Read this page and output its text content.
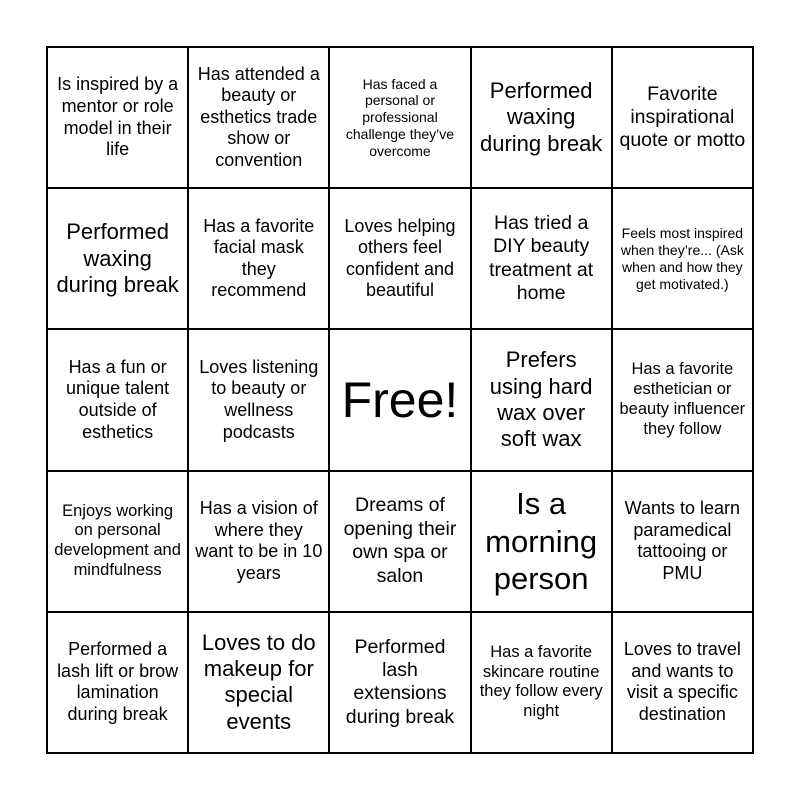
Is inspired by a mentor or role model in their life
Has attended a beauty or esthetics trade show or convention
Has faced a personal or professional challenge they’ve overcome
Performed waxing during break
Favorite inspirational quote or motto
Performed waxing during break
Has a favorite facial mask they recommend
Loves helping others feel confident and beautiful
Has tried a DIY beauty treatment at home
Feels most inspired when they’re... (Ask when and how they get motivated.)
Has a fun or unique talent outside of esthetics
Loves listening to beauty or wellness podcasts
Free!
Prefers using hard wax over soft wax
Has a favorite esthetician or beauty influencer they follow
Enjoys working on personal development and mindfulness
Has a vision of where they want to be in 10 years
Dreams of opening their own spa or salon
Is a morning person
Wants to learn paramedical tattooing or PMU
Performed a lash lift or brow lamination during break
Loves to do makeup for special events
Performed lash extensions during break
Has a favorite skincare routine they follow every night
Loves to travel and wants to visit a specific destination
